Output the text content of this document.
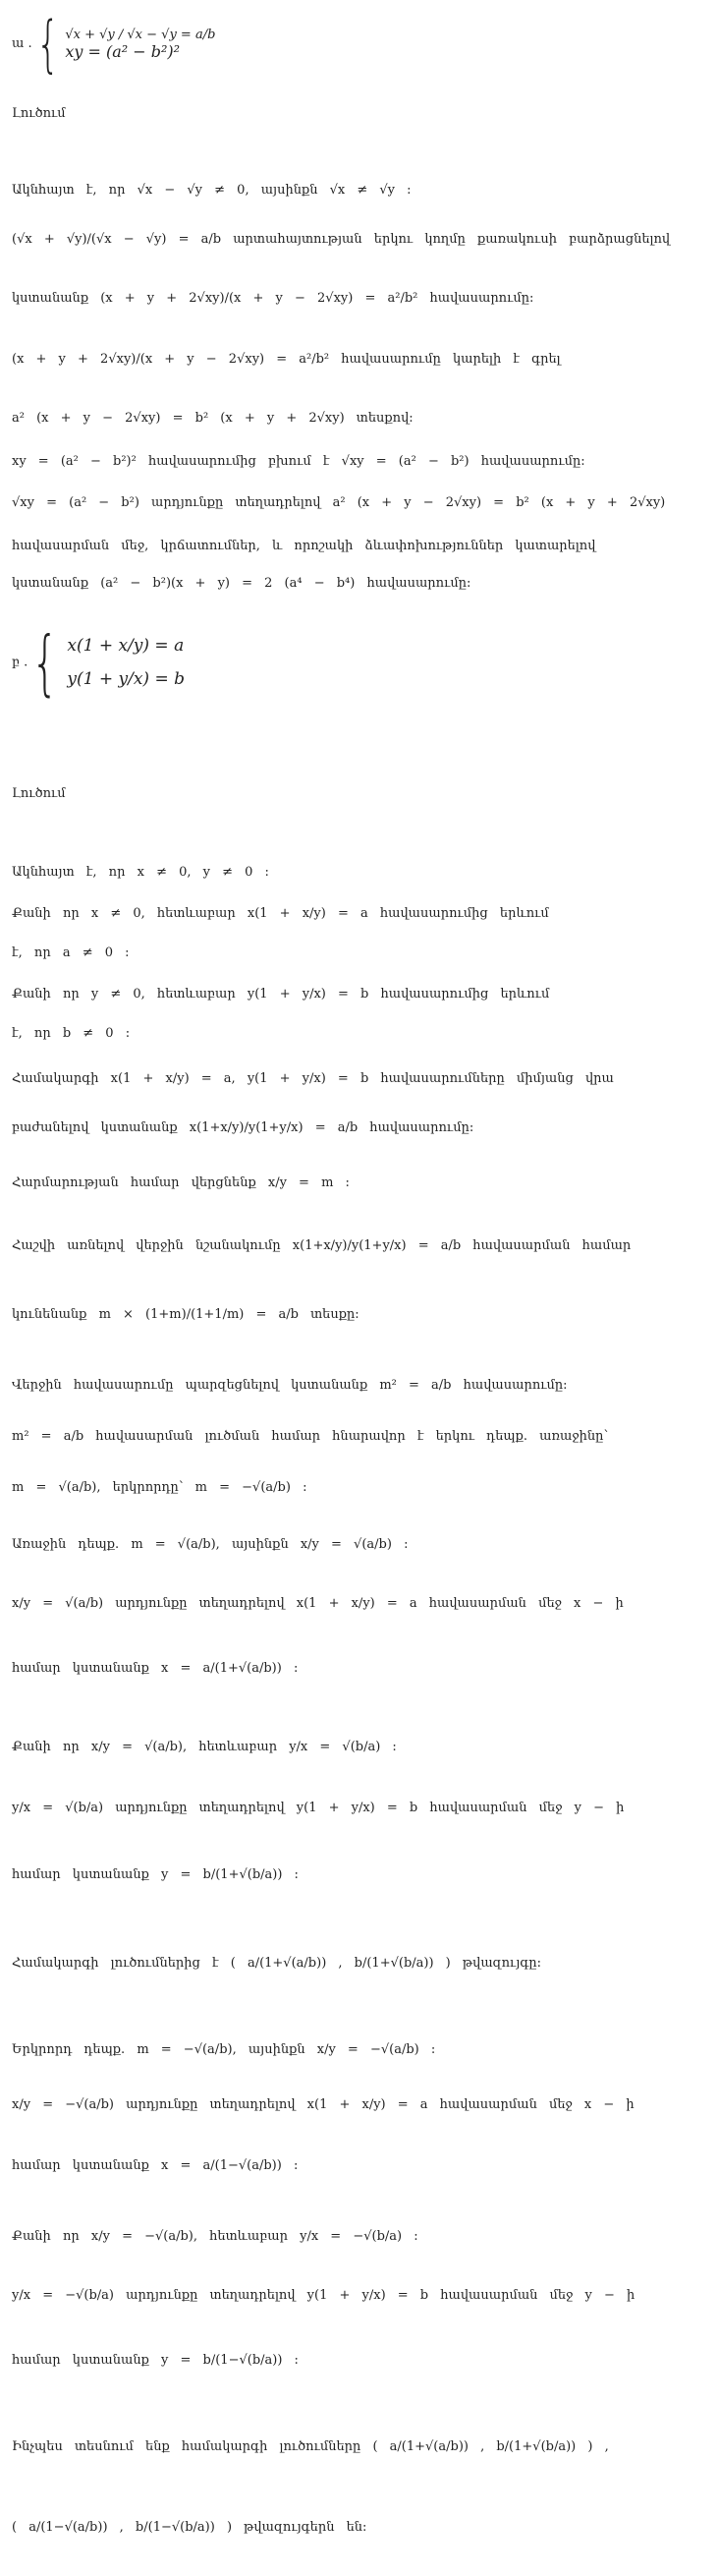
ա . { √x + √y / √x − √y = a/b
xy = (a² − b²)²
Լուծում
Ակնհայտ է, որ √x − √y ≠ 0, այսինքն √x ≠ √y :
(√x + √y)/(√x − √y) = a/b արտահայտության երկու կողմը քառակուսի բարձրացնելով
կստանանք (x + y + 2√xy)/(x + y − 2√xy) = a²/b² հավասարումը:
(x + y + 2√xy)/(x + y − 2√xy) = a²/b² հավասարումը կարելի է գրել
a² (x + y − 2√xy) = b² (x + y + 2√xy) տեսքով:
xy = (a² − b²)² հավասարումից բխում է √xy = (a² − b²) հավասարումը:
√xy = (a² − b²) արդյունքը տեղադրելով a² (x + y − 2√xy) = b² (x + y + 2√xy)
հավասարման մեջ, կրճատումներ, և որոշակի ձևափոխություններ կատարելով
կստանանք (a² − b²)(x + y) = 2 (a⁴ − b⁴) հավասարումը:
բ . { x(1 + x/y) = a
y(1 + y/x) = b
Լուծում
Ակնհայտ է, որ x ≠ 0, y ≠ 0 :
Քանի որ x ≠ 0, հետևաբար x(1 + x/y) = a հավասարումից երևում
է, որ a ≠ 0 :
Քանի որ y ≠ 0, հետևաբար y(1 + y/x) = b հավասարումից երևում
է, որ b ≠ 0 :
Համակարգի x(1 + x/y) = a, y(1 + y/x) = b հավասարումները միմյանց վրա
բաժանելով կստանանք x(1+x/y)/y(1+y/x) = a/b հավասարումը:
Հարմարության համար վերցնենք x/y = m :
Հաշվի առնելով վերջին նշանակումը x(1+x/y)/y(1+y/x) = a/b հավասարման համար
կունենանք m × (1+m)/(1+1/m) = a/b տեսքը:
Վերջին հավասարումը պարզեցնելով կստանանք m² = a/b հավասարումը:
m² = a/b հավասարման լուծման համար հնարավոր է երկու դեպք. առաջինը՝
m = √(a/b), երկրորդը՝ m = −√(a/b) :
Առաջին դեպք. m = √(a/b), այսինքն x/y = √(a/b) :
x/y = √(a/b) արդյունքը տեղադրելով x(1 + x/y) = a հավասարման մեջ x − ի
համար կստանանք x = a/(1+√(a/b)) :
Քանի որ x/y = √(a/b), հետևաբար y/x = √(b/a) :
y/x = √(b/a) արդյունքը տեղադրելով y(1 + y/x) = b հավասարման մեջ y − ի
համար կստանանք y = b/(1+√(b/a)) :
Համակարգի լուծումներից է ( a/(1+√(a/b)) , b/(1+√(b/a)) ) թվազույգը:
Երկրորդ դեպք. m = −√(a/b), այսինքն x/y = −√(a/b) :
x/y = −√(a/b) արդյունքը տեղադրելով x(1 + x/y) = a հավասարման մեջ x − ի
համար կստանանք x = a/(1−√(a/b)) :
Քանի որ x/y = −√(a/b), հետևաբար y/x = −√(b/a) :
y/x = −√(b/a) արդյունքը տեղադրելով y(1 + y/x) = b հավասարման մեջ y − ի
համար կստանանք y = b/(1−√(b/a)) :
Ինչպես տեսնում ենք համակարգի լուծումները ( a/(1+√(a/b)) , b/(1+√(b/a)) ) ,
( a/(1−√(a/b)) , b/(1−√(b/a)) ) թվազույգերն են:
